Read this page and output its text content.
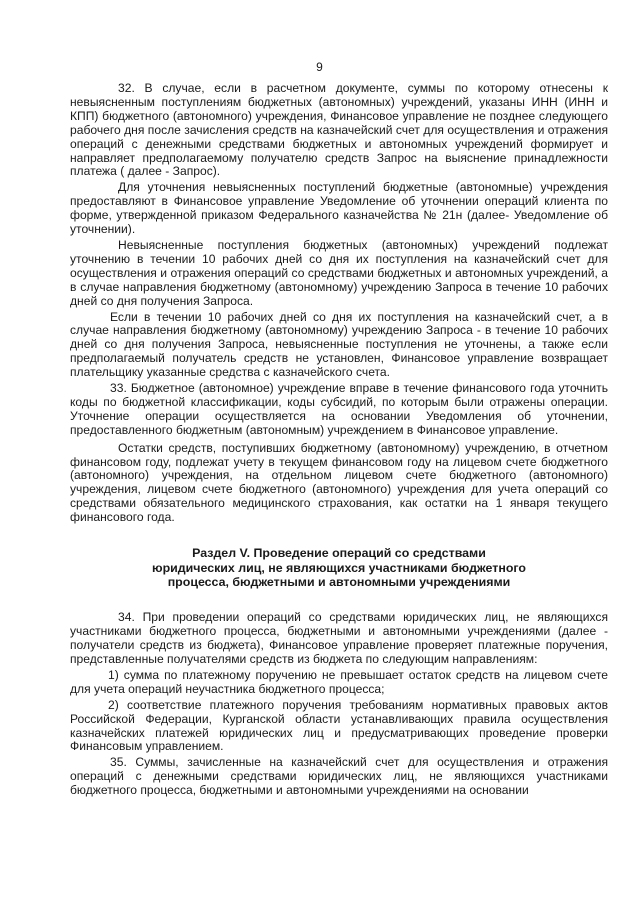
9

32. В случае, если в расчетном документе, суммы по которому отнесены к невыясненным поступлениям бюджетных (автономных) учреждений, указаны ИНН (ИНН и КПП) бюджетного (автономного) учреждения, Финансовое управление не позднее следующего рабочего дня после зачисления средств на казначейский счет для осуществления и отражения операций с денежными средствами бюджетных и автономных учреждений формирует и направляет предполагаемому получателю средств Запрос на выяснение принадлежности платежа ( далее - Запрос).

Для уточнения невыясненных поступлений бюджетные (автономные) учреждения предоставляют в Финансовое управление Уведомление об уточнении операций клиента по форме, утвержденной приказом Федерального казначейства № 21н (далее- Уведомление об уточнении).

Невыясненные поступления бюджетных (автономных) учреждений подлежат уточнению в течении 10 рабочих дней со дня их поступления на казначейский счет для осуществления и отражения операций со средствами бюджетных и автономных учреждений, а в случае направления бюджетному (автономному) учреждению Запроса в течение 10 рабочих дней со дня получения Запроса.

Если в течении 10 рабочих дней со дня их поступления на казначейский счет, а в случае направления бюджетному (автономному) учреждению Запроса - в течение 10 рабочих дней со дня получения Запроса, невыясненные поступления не уточнены, а также если предполагаемый получатель средств не установлен, Финансовое управление возвращает плательщику указанные средства с казначейского счета.

33. Бюджетное (автономное) учреждение вправе в течение финансового года уточнить коды по бюджетной классификации, коды субсидий, по которым были отражены операции. Уточнение операции осуществляется на основании Уведомления об уточнении, предоставленного бюджетным (автономным) учреждением в Финансовое управление.

Остатки средств, поступивших бюджетному (автономному) учреждению, в отчетном финансовом году, подлежат учету в текущем финансовом году на лицевом счете бюджетного (автономного) учреждения, на отдельном лицевом счете бюджетного (автономного) учреждения, лицевом счете бюджетного (автономного) учреждения для учета операций со средствами обязательного медицинского страхования, как остатки на 1 января текущего финансового года.

Раздел V. Проведение операций со средствами
юридических лиц, не являющихся участниками бюджетного
процесса, бюджетными и автономными учреждениями

34. При проведении операций со средствами юридических лиц, не являющихся участниками бюджетного процесса, бюджетными и автономными учреждениями (далее - получатели средств из бюджета), Финансовое управление проверяет платежные поручения, представленные получателями средств из бюджета по следующим направлениям:

1) сумма по платежному поручению не превышает остаток средств на лицевом счете для учета операций неучастника бюджетного процесса;

2) соответствие платежного поручения требованиям нормативных правовых актов Российской Федерации, Курганской области устанавливающих правила осуществления казначейских платежей юридических лиц и предусматривающих проведение проверки Финансовым управлением.

35. Суммы, зачисленные на казначейский счет для осуществления и отражения операций с денежными средствами юридических лиц, не являющихся участниками бюджетного процесса, бюджетными и автономными учреждениями на основании
